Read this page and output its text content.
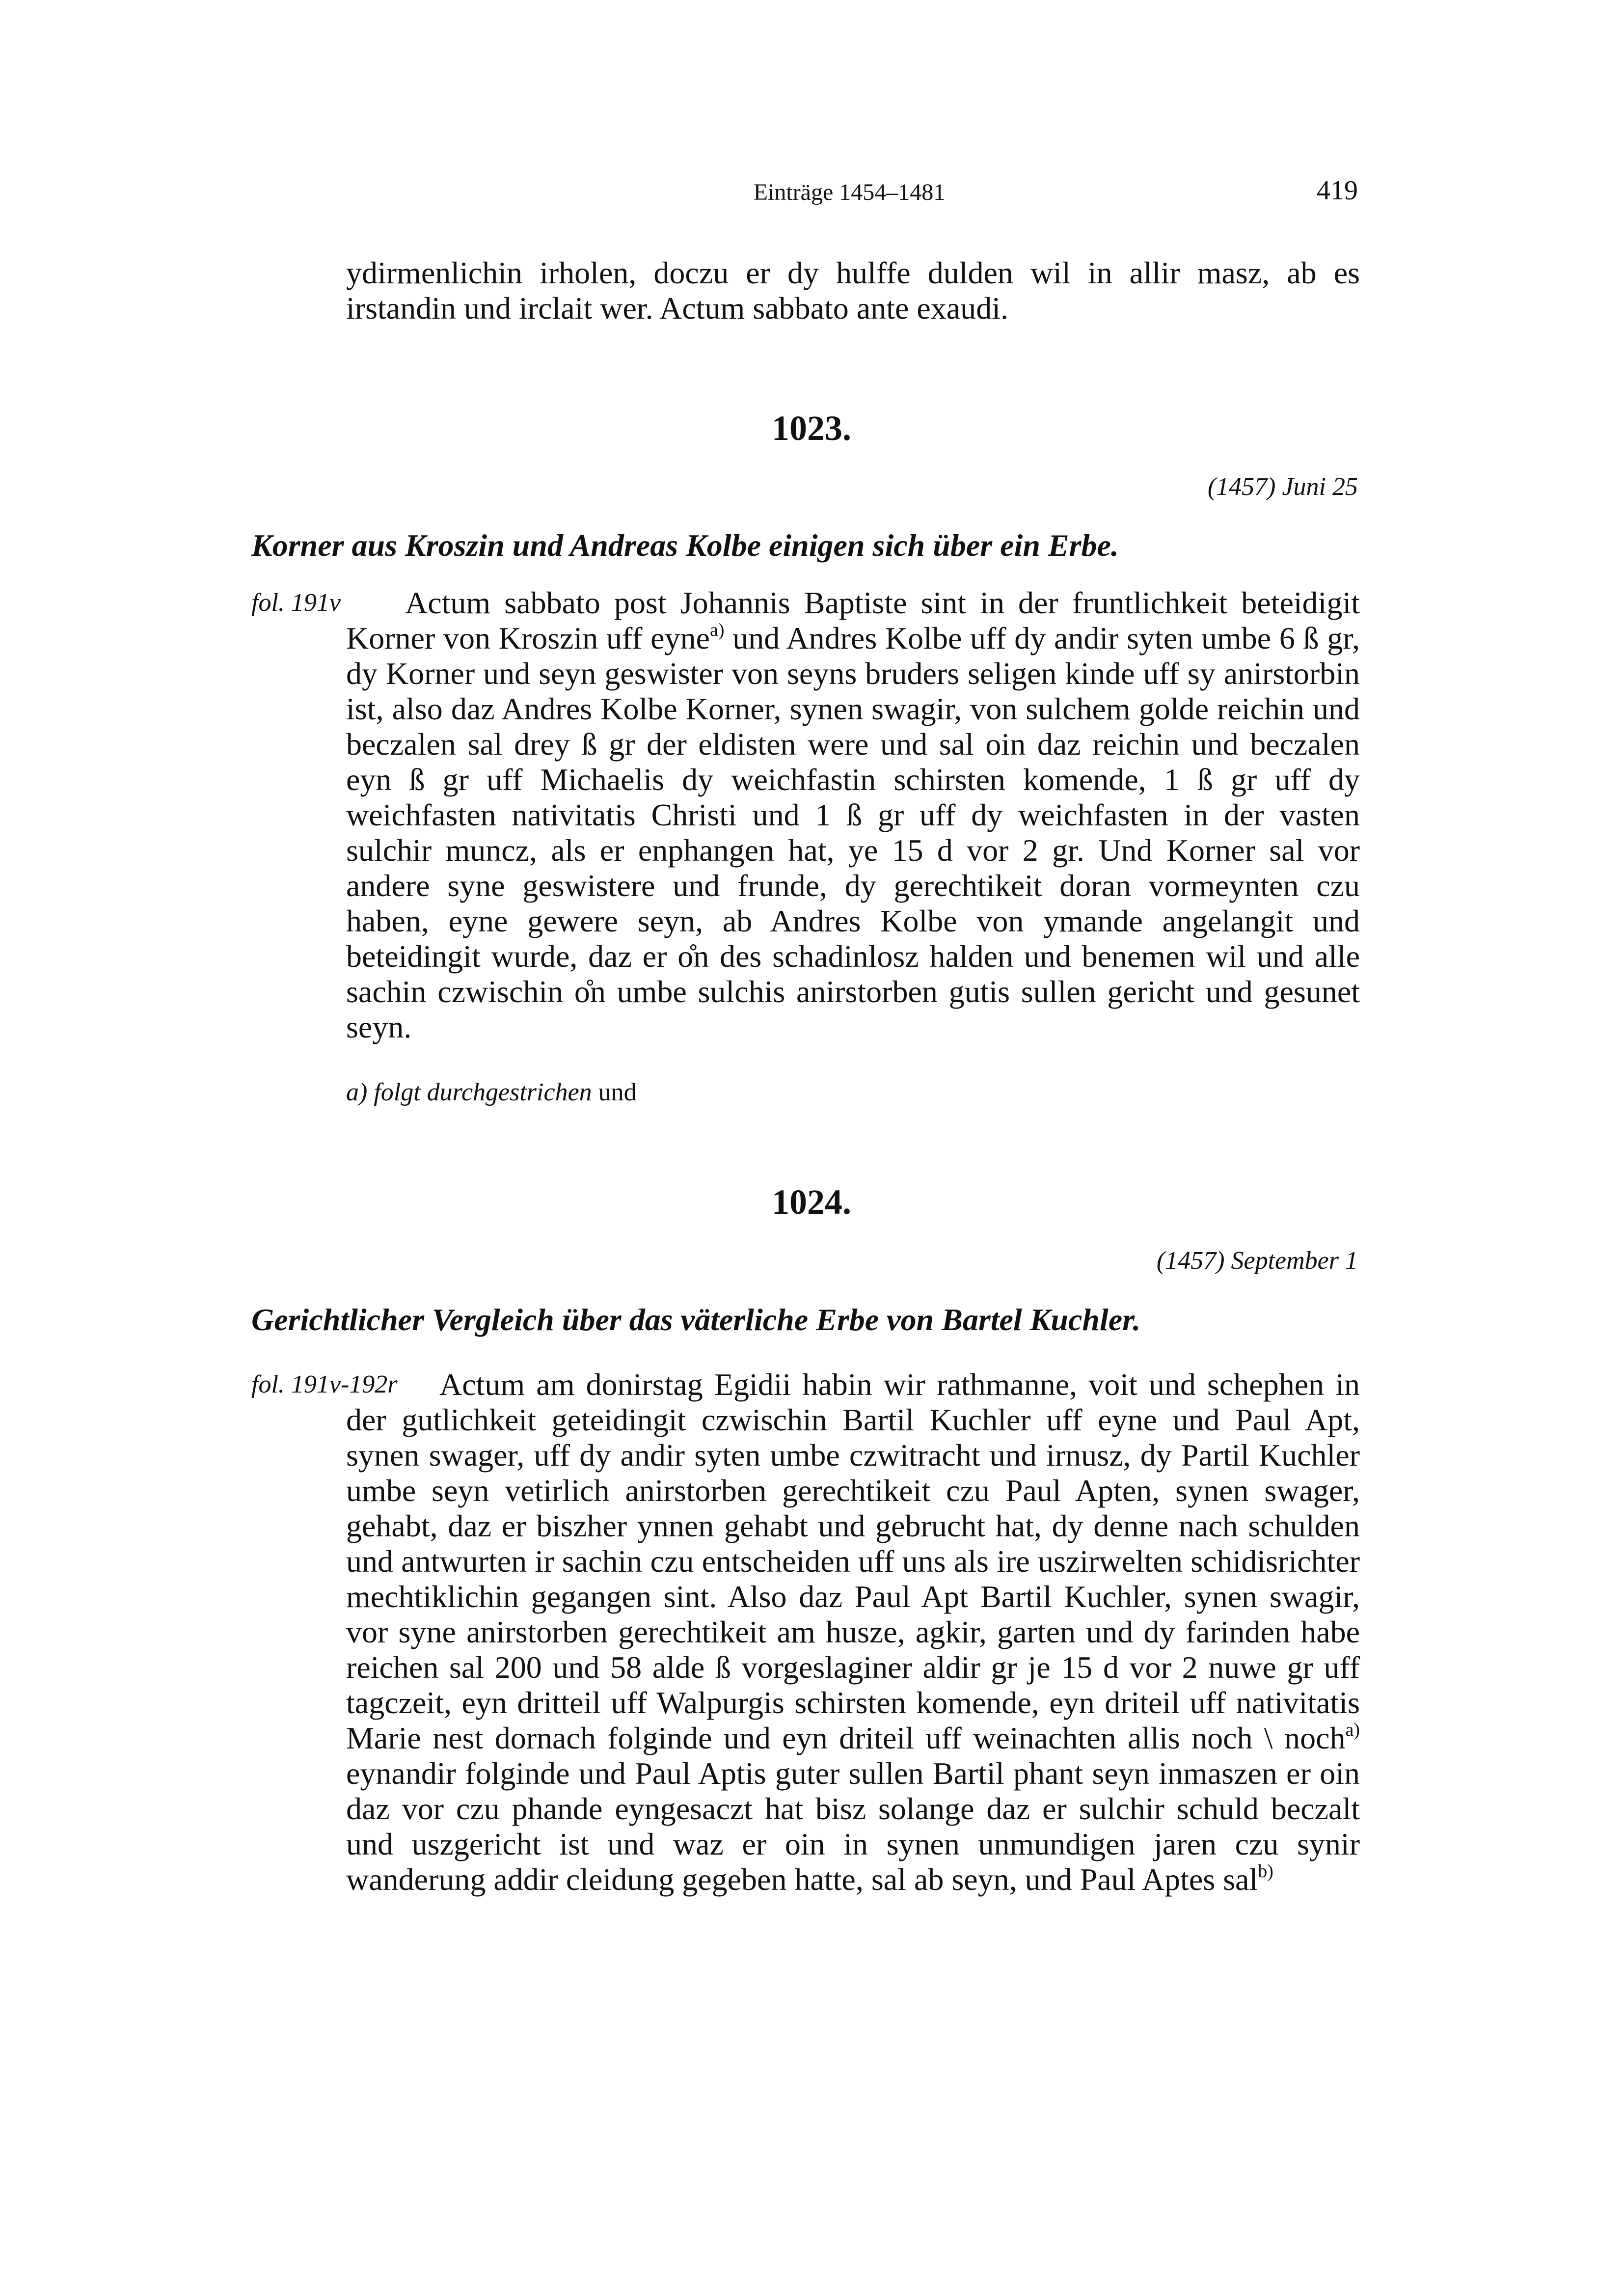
Einträge 1454–1481	419
ydirmenlichin irholen, doczu er dy hulffe dulden wil in allir masz, ab es irstandin und irclait wer. Actum sabbato ante exaudi.
1023.
(1457) Juni 25
Korner aus Kroszin und Andreas Kolbe einigen sich über ein Erbe.
fol. 191v	Actum sabbato post Johannis Baptiste sint in der fruntlichkeit beteidigit Korner von Kroszin uff eyne$^{a)}$ und Andres Kolbe uff dy andir syten umbe 6 ß gr, dy Korner und seyn geswister von seyns bruders seligen kinde uff sy anirstorbin ist, also daz Andres Kolbe Korner, synen swagir, von sulchem golde reichin und beczalen sal drey ß gr der eldisten were und sal oin daz reichin und beczalen eyn ß gr uff Michaelis dy weichfastin schirsten komende, 1 ß gr uff dy weichfasten nativitatis Christi und 1 ß gr uff dy weichfasten in der vasten sulchir muncz, als er enphangen hat, ye 15 d vor 2 gr. Und Korner sal vor andere syne geswistere und frunde, dy gerechtikeit doran vormeynten czu haben, eyne gewere seyn, ab Andres Kolbe von ymande angelangit und beteidingit wurde, daz er o̊n des schadinlosz halden und benemen wil und alle sachin czwischin o̊n umbe sulchis anirstorben gutis sullen gericht und gesunet seyn.
a) folgt durchgestrichen und
1024.
(1457) September 1
Gerichtlicher Vergleich über das väterliche Erbe von Bartel Kuchler.
fol. 191v-192r	Actum am donirstag Egidii habin wir rathmanne, voit und schephen in der gutlichkeit geteidingit czwischin Bartil Kuchler uff eyne und Paul Apt, synen swager, uff dy andir syten umbe czwitracht und irnusz, dy Partil Kuchler umbe seyn vetirlich anirstorben gerechtikeit czu Paul Apten, synen swager, gehabt, daz er biszher ynnen gehabt und gebrucht hat, dy denne nach schulden und antwurten ir sachin czu entscheiden uff uns als ire uszirwelten schidisrichter mechtiklichin gegangen sint. Also daz Paul Apt Bartil Kuchler, synen swagir, vor syne anirstorben gerechtikeit am husze, agkir, garten und dy farinden habe reichen sal 200 und 58 alde ß vorgeslaginer aldir gr je 15 d vor 2 nuwe gr uff tagczeit, eyn dritteil uff Walpurgis schirsten komende, eyn driteil uff nativitatis Marie nest dornach folginde und eyn driteil uff weinachten allis noch \ noch$^{a)}$ eynandir folginde und Paul Aptis guter sullen Bartil phant seyn inmaszen er oin daz vor czu phande eyngesaczt hat bisz solange daz er sulchir schuld beczalt und uszgericht ist und waz er oin in synen unmundigen jaren czu synir wanderung addir cleidung gegeben hatte, sal ab seyn, und Paul Aptes sal$^{b)}$
